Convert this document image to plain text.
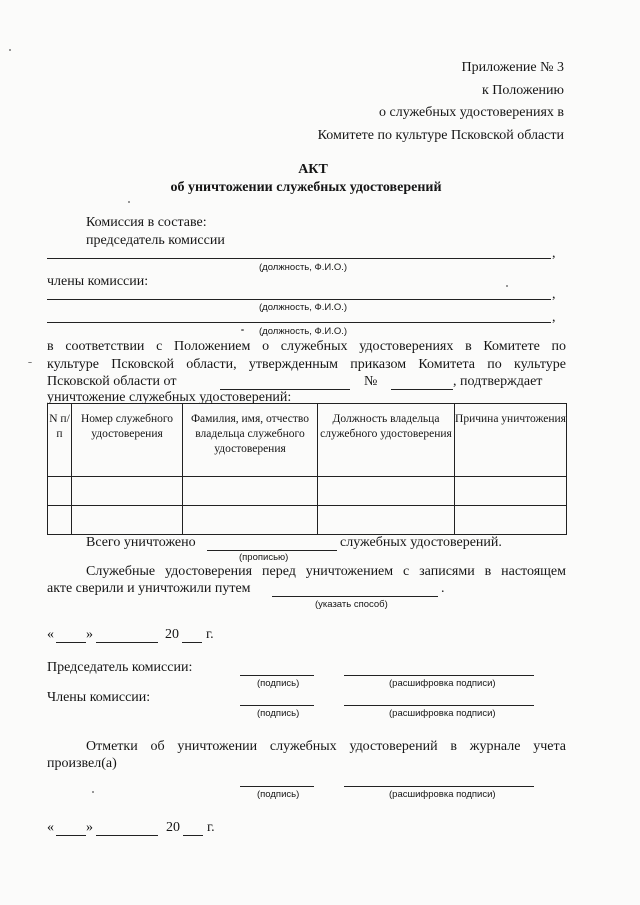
Приложение № 3
к Положению
о служебных удостоверениях в
Комитете по культуре Псковской области
АКТ
об уничтожении служебных удостоверений
Комиссия в составе:
председатель комиссии
,
(должность, Ф.И.О.)
члены комиссии:
,
(должность, Ф.И.О.)
,
(должность, Ф.И.О.)
в соответствии с Положением о служебных удостоверениях в Комитете по
культуре Псковской области, утвержденным приказом Комитета по культуре
Псковской области от	№	, подтверждает
уничтожение служебных удостоверений:
N п/п	Номер служебного удостоверения	Фамилия, имя, отчество владельца служебного удостоверения	Должность владельца служебного удостоверения	Причина уничтожения

Всего уничтожено	служебных удостоверений.
(прописью)
Служебные удостоверения перед уничтожением с записями в настоящем
акте сверили и уничтожили путем	.
(указать способ)
« »	20 г.
Председатель комиссии:
(подпись)	(расшифровка подписи)
Члены комиссии:
(подпись)	(расшифровка подписи)
Отметки об уничтожении служебных удостоверений в журнале учета
произвел(а)
(подпись)	(расшифровка подписи)
« »	20 г.
